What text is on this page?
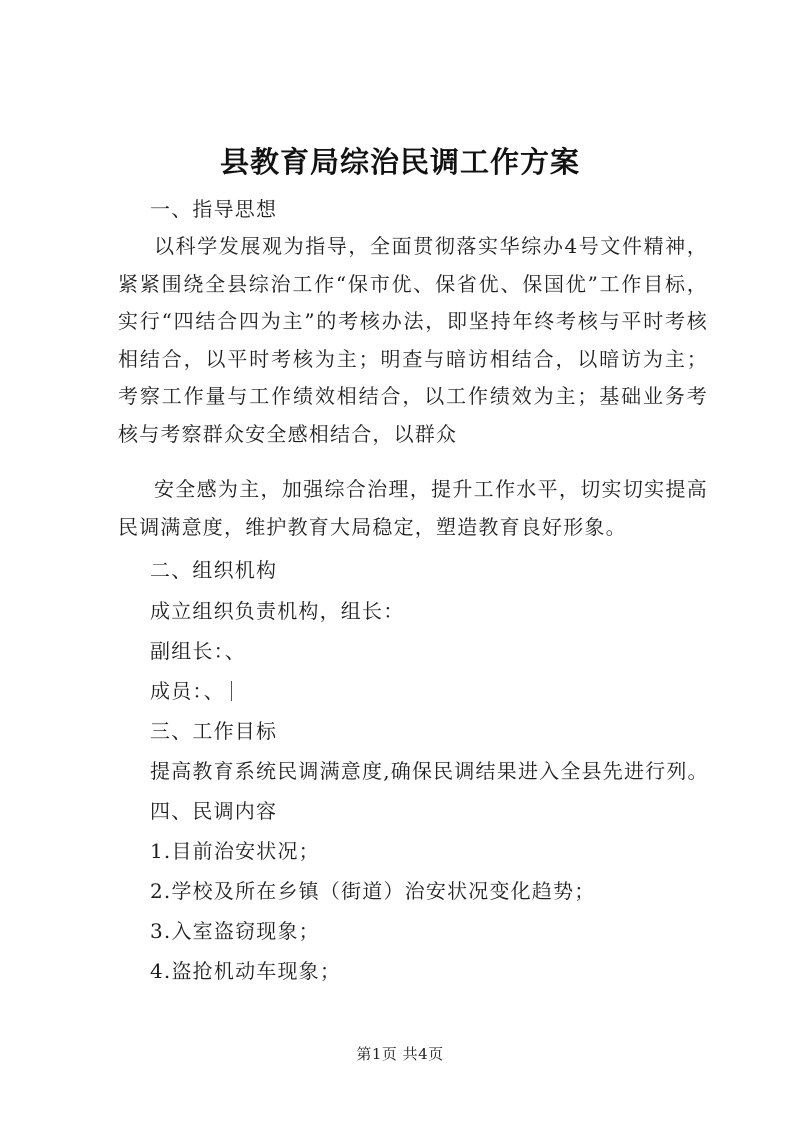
县教育局综治民调工作方案
一、指导思想
以科学发展观为指导，全面贯彻落实华综办4号文件精神，紧紧围绕全县综治工作“保市优、保省优、保国优”工作目标，实行“四结合四为主”的考核办法，即坚持年终考核与平时考核相结合，以平时考核为主；明查与暗访相结合，以暗访为主；考察工作量与工作绩效相结合，以工作绩效为主；基础业务考核与考察群众安全感相结合，以群众
安全感为主，加强综合治理，提升工作水平，切实切实提高民调满意度，维护教育大局稳定，塑造教育良好形象。
二、组织机构
成立组织负责机构，组长：
副组长：、
成员：、
三、工作目标
提高教育系统民调满意度,确保民调结果进入全县先进行列。
四、民调内容
1.目前治安状况；
2.学校及所在乡镇（街道）治安状况变化趋势；
3.入室盗窃现象；
4.盗抢机动车现象；
第1页 共4页
